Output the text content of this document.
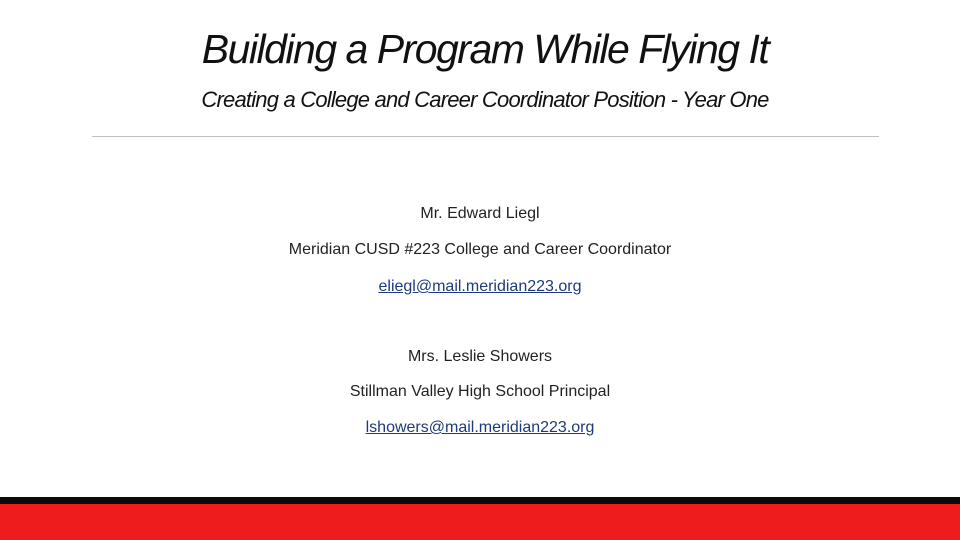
Building a Program While Flying It
Creating a College and Career Coordinator Position - Year One
Mr. Edward Liegl
Meridian CUSD #223 College and Career Coordinator
eliegl@mail.meridian223.org
Mrs. Leslie Showers
Stillman Valley High School Principal
lshowers@mail.meridian223.org
